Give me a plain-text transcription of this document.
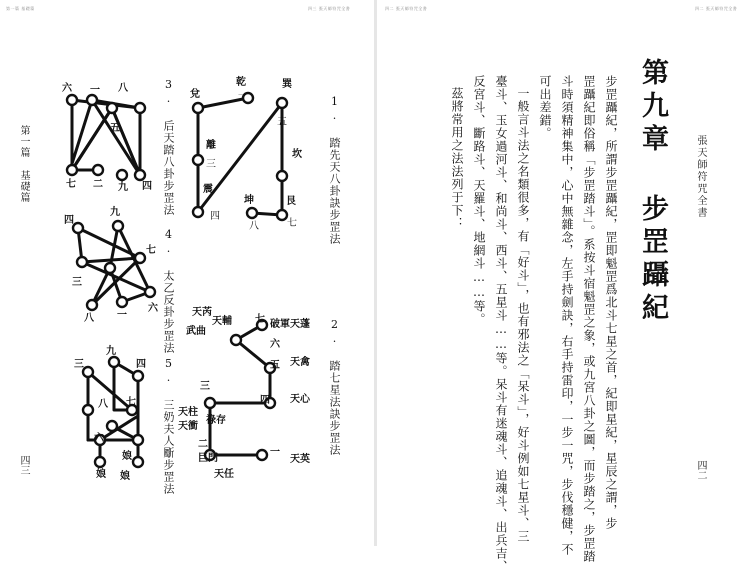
第一篇 基礎篇	四三 張天師符咒全書
第一篇 基礎篇
四三
1. 踏先天八卦訣步罡法
2. 踏七星法訣步罡法
3. 后天踏八卦步罡法
4. 太乙反卦步罡法
5. 三奶夫人斸步罡法
乾
一
巽
五
兌
離
三
坎
震
四
坤
八
艮
七
七 破軍
六
天輔
武曲
五
四
三
祿存
二
巨門
一
天蓬
天芮
天禽
天心
天柱
天衝
天任
天英
六 一 八
五
七 二 九 四
四
九
七
三
六
八 一
三
九
四
八 七
六
娘
娘
娘
四二 張天師符咒全書	四二 張天師符咒全書
張天師符咒全書
四二
第九章 步罡躡紀
步罡躡紀，所謂步罡躡紀，罡即魁罡爲北斗七星之首，紀即星紀，星辰之謂，步
罡躡紀即俗稱「步罡踏斗」。系按斗宿魁罡之象，或九宮八卦之圖，而步踏之，步罡踏
斗時須精神集中，心中無雜念，左手持劍訣，右手持雷印，一步一咒，步伐穩健，不
可出差錯。
一般言斗法之名類很多，有「好斗」，也有邪法之「呆斗」，好斗例如七星斗、三
臺斗、玉女過河斗、和尚斗、西斗、五星斗……等。呆斗有迷魂斗、追魂斗、出兵吉、
反宮斗、斷路斗、天羅斗、地網斗……等。
茲將常用之法法列于下：
